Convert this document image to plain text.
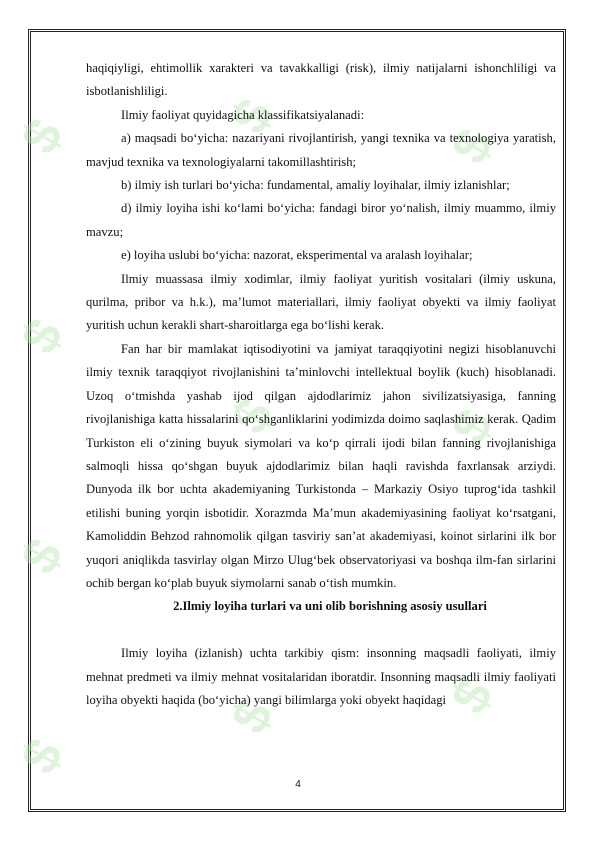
$
$
$
$
$
$
$
$
$
$

haqiqiyligi, ehtimollik xarakteri va tavakkalligi (risk), ilmiy natijalarni ishonchliligi va isbotlanishliligi.

Ilmiy faoliyat quyidagicha klassifikatsiyalanadi:

a) maqsadi bo‘yicha: nazariyani rivojlantirish, yangi texnika va texnologiya yaratish, mavjud texnika va texnologiyalarni takomillashtirish;

b) ilmiy ish turlari bo‘yicha: fundamental, amaliy loyihalar, ilmiy izlanishlar;

d) ilmiy loyiha ishi ko‘lami bo‘yicha: fandagi biror yo‘nalish, ilmiy muammo, ilmiy mavzu;

e) loyiha uslubi bo‘yicha: nazorat, eksperimental va aralash loyihalar;

Ilmiy muassasa ilmiy xodimlar, ilmiy faoliyat yuritish vositalari (ilmiy uskuna, qurilma, pribor va h.k.), ma’lumot materiallari, ilmiy faoliyat obyekti va ilmiy faoliyat yuritish uchun kerakli shart-sharoitlarga ega bo‘lishi kerak.

Fan har bir mamlakat iqtisodiyotini va jamiyat taraqqiyotini negizi hisoblanuvchi ilmiy texnik taraqqiyot rivojlanishini ta’minlovchi intellektual boylik (kuch) hisoblanadi. Uzoq o‘tmishda yashab ijod qilgan ajdodlarimiz jahon sivilizatsiyasiga, fanning rivojlanishiga katta hissalarini qo‘shganliklarini yodimizda doimo saqlashimiz kerak. Qadim Turkiston eli o‘zining buyuk siymolari va ko‘p qirrali ijodi bilan fanning rivojlanishiga salmoqli hissa qo‘shgan buyuk ajdodlarimiz bilan haqli ravishda faxrlansak arziydi. Dunyoda ilk bor uchta akademiyaning Turkistonda – Markaziy Osiyo tuprog‘ida tashkil etilishi buning yorqin isbotidir. Xorazmda Ma’mun akademiyasining faoliyat ko‘rsatgani, Kamoliddin Behzod rahnomolik qilgan tasviriy san’at akademiyasi, koinot sirlarini ilk bor yuqori aniqlikda tasvirlay olgan Mirzo Ulug‘bek observatoriyasi va boshqa ilm-fan sirlarini ochib bergan ko‘plab buyuk siymolarni sanab o‘tish mumkin.

2.Ilmiy loyiha turlari va uni olib borishning asosiy usullari

Ilmiy loyiha (izlanish) uchta tarkibiy qism: insonning maqsadli faoliyati, ilmiy mehnat predmeti va ilmiy mehnat vositalaridan iboratdir. Insonning maqsadli ilmiy faoliyati loyiha obyekti haqida (bo‘yicha) yangi bilimlarga yoki obyekt haqidagi

4
